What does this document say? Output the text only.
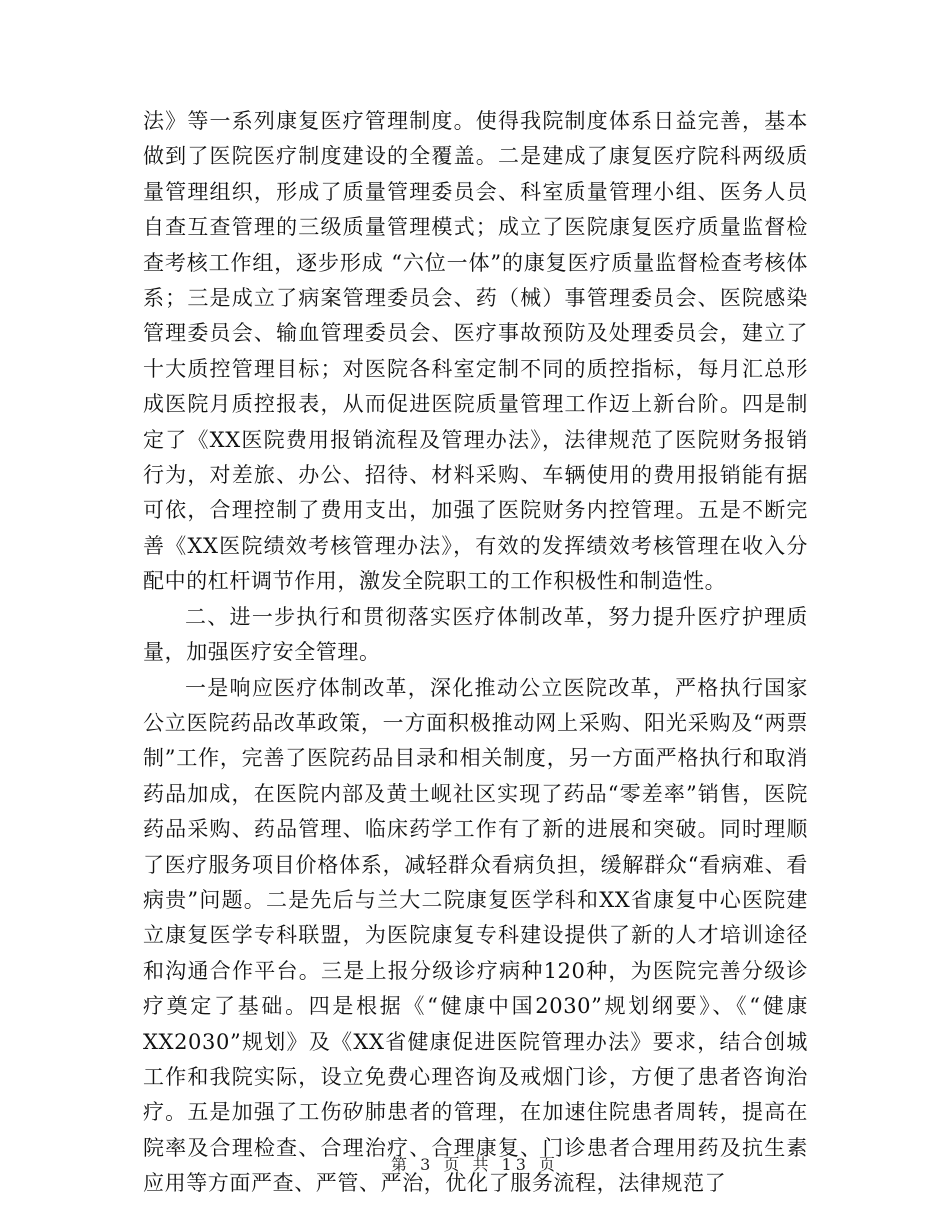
法》等一系列康复医疗管理制度。使得我院制度体系日益完善，基本做到了医院医疗制度建设的全覆盖。二是建成了康复医疗院科两级质量管理组织，形成了质量管理委员会、科室质量管理小组、医务人员自查互查管理的三级质量管理模式；成立了医院康复医疗质量监督检查考核工作组，逐步形成 “六位一体”的康复医疗质量监督检查考核体系；三是成立了病案管理委员会、药（械）事管理委员会、医院感染管理委员会、输血管理委员会、医疗事故预防及处理委员会，建立了十大质控管理目标；对医院各科室定制不同的质控指标，每月汇总形成医院月质控报表，从而促进医院质量管理工作迈上新台阶。四是制定了《XX医院费用报销流程及管理办法》，法律规范了医院财务报销行为，对差旅、办公、招待、材料采购、车辆使用的费用报销能有据可依，合理控制了费用支出，加强了医院财务内控管理。五是不断完善《XX医院绩效考核管理办法》，有效的发挥绩效考核管理在收入分配中的杠杆调节作用，激发全院职工的工作积极性和制造性。

二、进一步执行和贯彻落实医疗体制改革，努力提升医疗护理质量，加强医疗安全管理。

一是响应医疗体制改革，深化推动公立医院改革，严格执行国家公立医院药品改革政策，一方面积极推动网上采购、阳光采购及“两票制”工作，完善了医院药品目录和相关制度，另一方面严格执行和取消药品加成，在医院内部及黄土岘社区实现了药品“零差率”销售，医院药品采购、药品管理、临床药学工作有了新的进展和突破。同时理顺了医疗服务项目价格体系，减轻群众看病负担，缓解群众“看病难、看病贵”问题。二是先后与兰大二院康复医学科和XX省康复中心医院建立康复医学专科联盟，为医院康复专科建设提供了新的人才培训途径和沟通合作平台。三是上报分级诊疗病种120种，为医院完善分级诊疗奠定了基础。四是根据《“健康中国2030”规划纲要》、《“健康XX2030”规划》及《XX省健康促进医院管理办法》要求，结合创城工作和我院实际，设立免费心理咨询及戒烟门诊，方便了患者咨询治疗。五是加强了工伤矽肺患者的管理，在加速住院患者周转，提高在院率及合理检查、合理治疗、合理康复、门诊患者合理用药及抗生素应用等方面严查、严管、严治，优化了服务流程，法律规范了

第 3 页 共 13 页
